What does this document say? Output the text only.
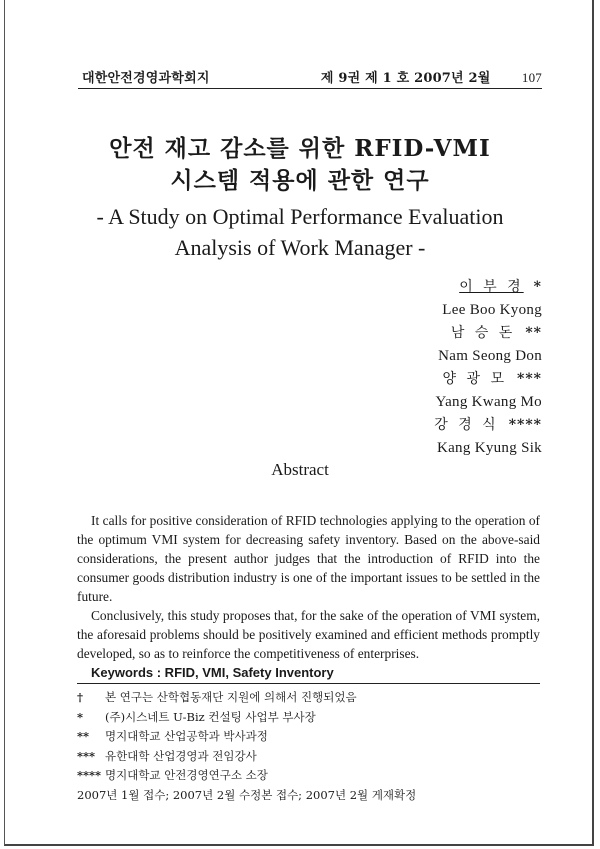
대한안전경영과학회지	제 9권 제 1 호 2007년 2월 107

안전 재고 감소를 위한 RFID-VMI

시스템 적용에 관한 연구

- A Study on Optimal Performance Evaluation

Analysis of Work Manager -

이 부 경 *
Lee Boo Kyong
남 승 돈 **
Nam Seong Don
양 광 모 ***
Yang Kwang Mo
강 경 식 ****
Kang Kyung Sik
Abstract

It calls for positive consideration of RFID technologies applying to the operation of the optimum VMI system for decreasing safety inventory. Based on the above-said considerations, the present author judges that the introduction of RFID into the consumer goods distribution industry is one of the important issues to be settled in the future.

Conclusively, this study proposes that, for the sake of the operation of VMI system, the aforesaid problems should be positively examined and efficient methods promptly developed, so as to reinforce the competitiveness of enterprises.

Keywords : RFID, VMI, Safety Inventory

†	본 연구는 산학협동재단 지원에 의해서 진행되었음
*	(주)시스네트 U-Biz 컨설팅 사업부 부사장
**	명지대학교 산업공학과 박사과정
*** 유한대학 산업경영과 전임강사
**** 명지대학교 안전경영연구소 소장
2007년 1월 접수; 2007년 2월 수정본 접수; 2007년 2월 게재확정
